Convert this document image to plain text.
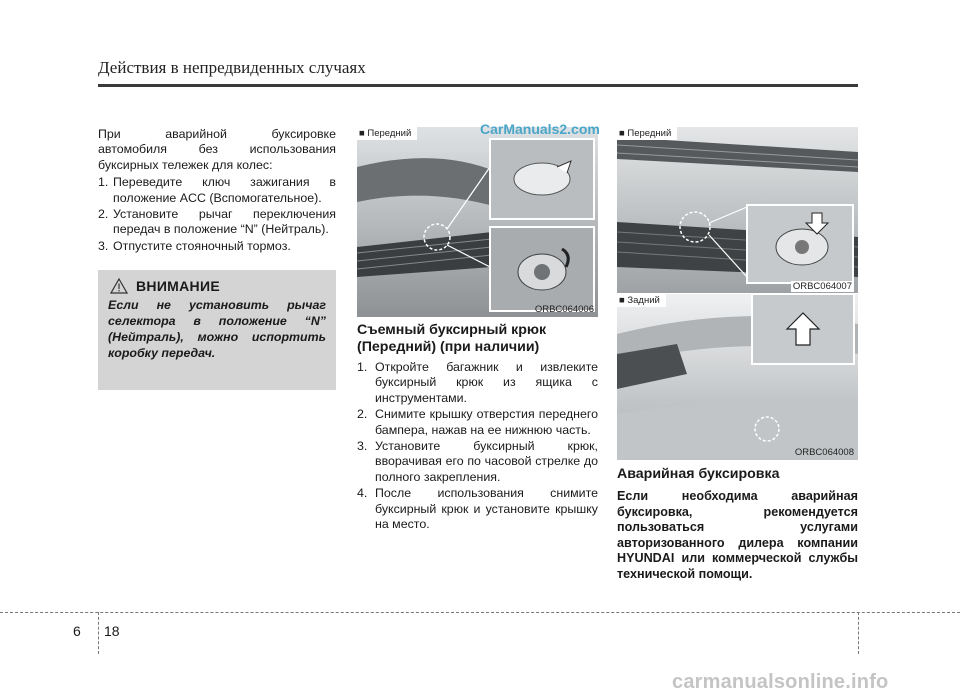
Действия в непредвиденных случаях

При аварийной буксировке

автомобиля без использования

буксирных тележек для колес:

1. Переведите ключ зажигания в положение ACC (Вспомогательное).
2. Установите рычаг переключения передач в положение “N” (Нейтраль).
3. Отпустите стояночный тормоз.
ВНИМАНИЕ

Если не установить рычаг селектора в положение “N” (Нейтраль), можно испортить коробку передач.

■ Передний
ORBC064006
Съемный буксирный крюк
(Передний) (при наличии)
1. Откройте багажник и извлеките буксирный крюк из ящика с инструментами.
2. Снимите крышку отверстия переднего бампера, нажав на ее нижнюю часть.
3. Установите буксирный крюк, вворачивая его по часовой стрелке до полного закрепления.
4. После использования снимите буксирный крюк и установите крышку на место.
■ Передний
ORBC064007
■ Задний
ORBC064008
Аварийная буксировка

Если необходима аварийная буксировка, рекомендуется пользоваться услугами авторизованного дилера компании HYUNDAI или коммерческой службы технической помощи.

6 18
CarManuals2.com
carmanualsonline.info
